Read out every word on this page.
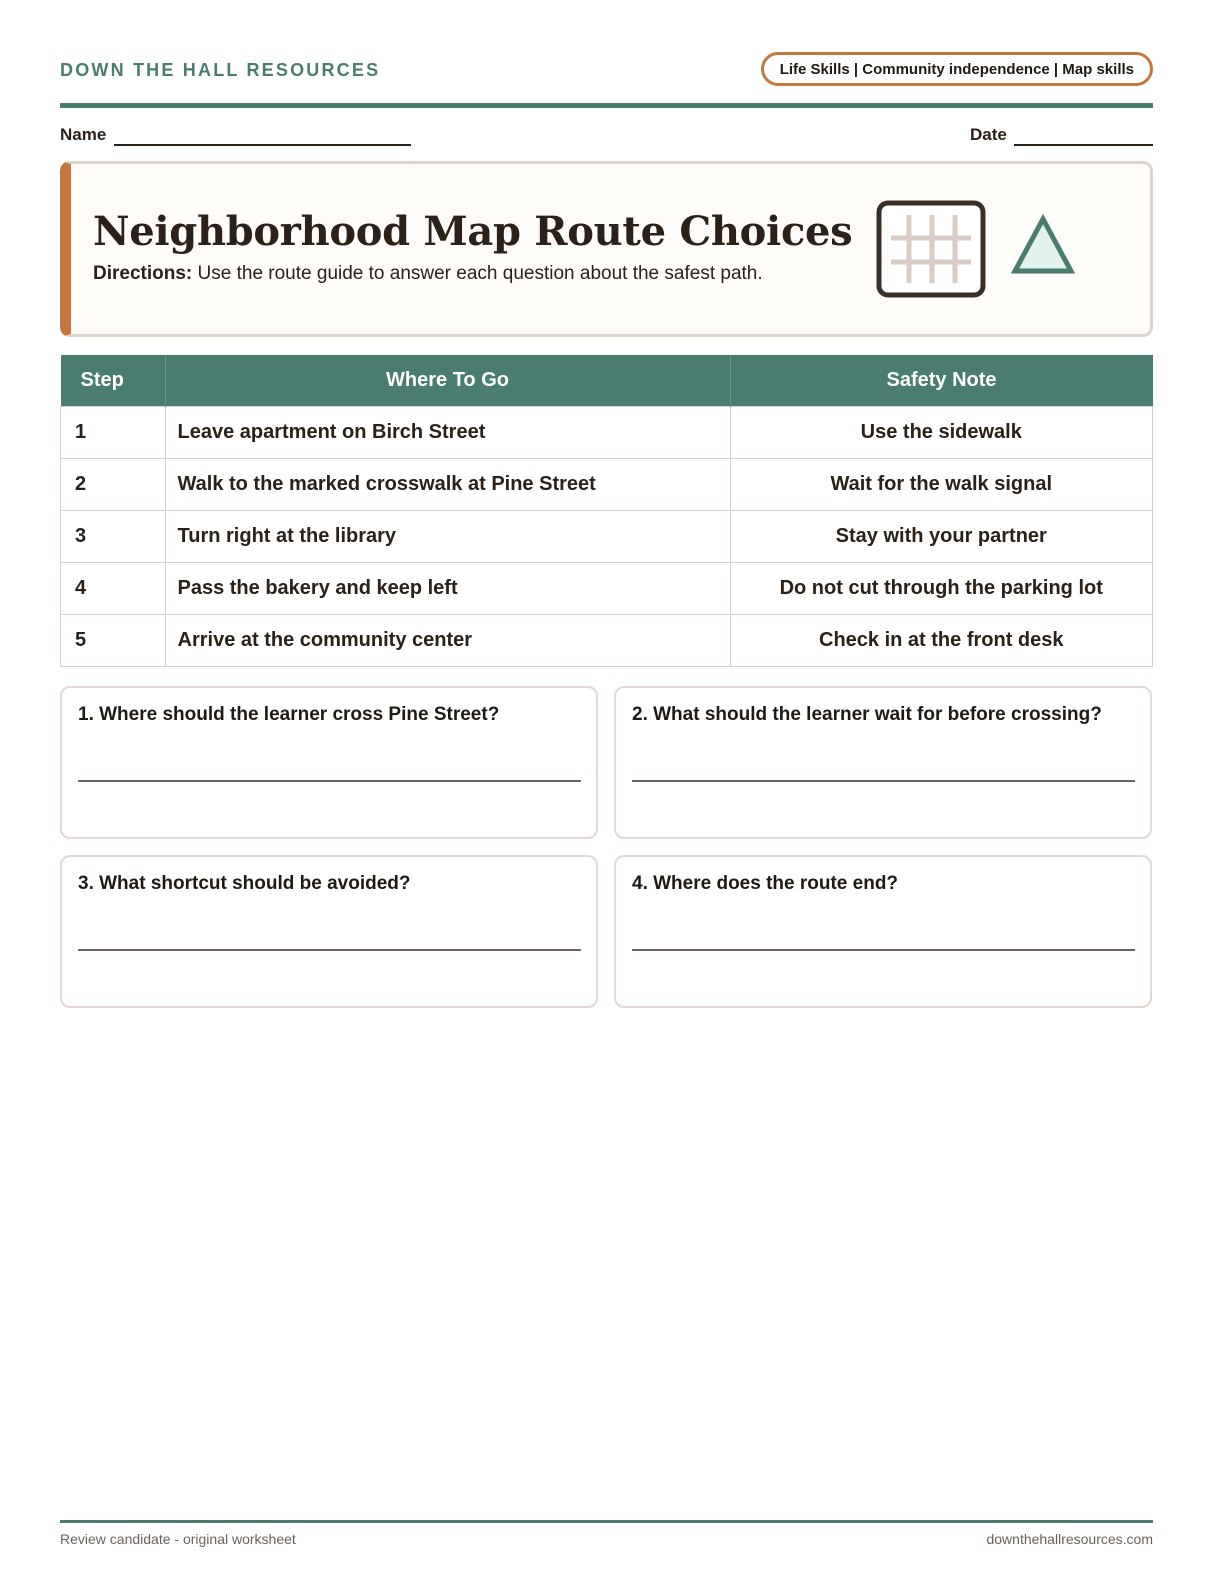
DOWN THE HALL RESOURCES	Life Skills | Community independence | Map skills
Name	Date
Neighborhood Map Route Choices
Directions: Use the route guide to answer each question about the safest path.
Step	Where To Go	Safety Note
1	Leave apartment on Birch Street	Use the sidewalk
2	Walk to the marked crosswalk at Pine Street	Wait for the walk signal
3	Turn right at the library	Stay with your partner
4	Pass the bakery and keep left	Do not cut through the parking lot
5	Arrive at the community center	Check in at the front desk
1. Where should the learner cross Pine Street?	2. What should the learner wait for before crossing?
3. What shortcut should be avoided?	4. Where does the route end?
Review candidate - original worksheet	downthehallresources.com
